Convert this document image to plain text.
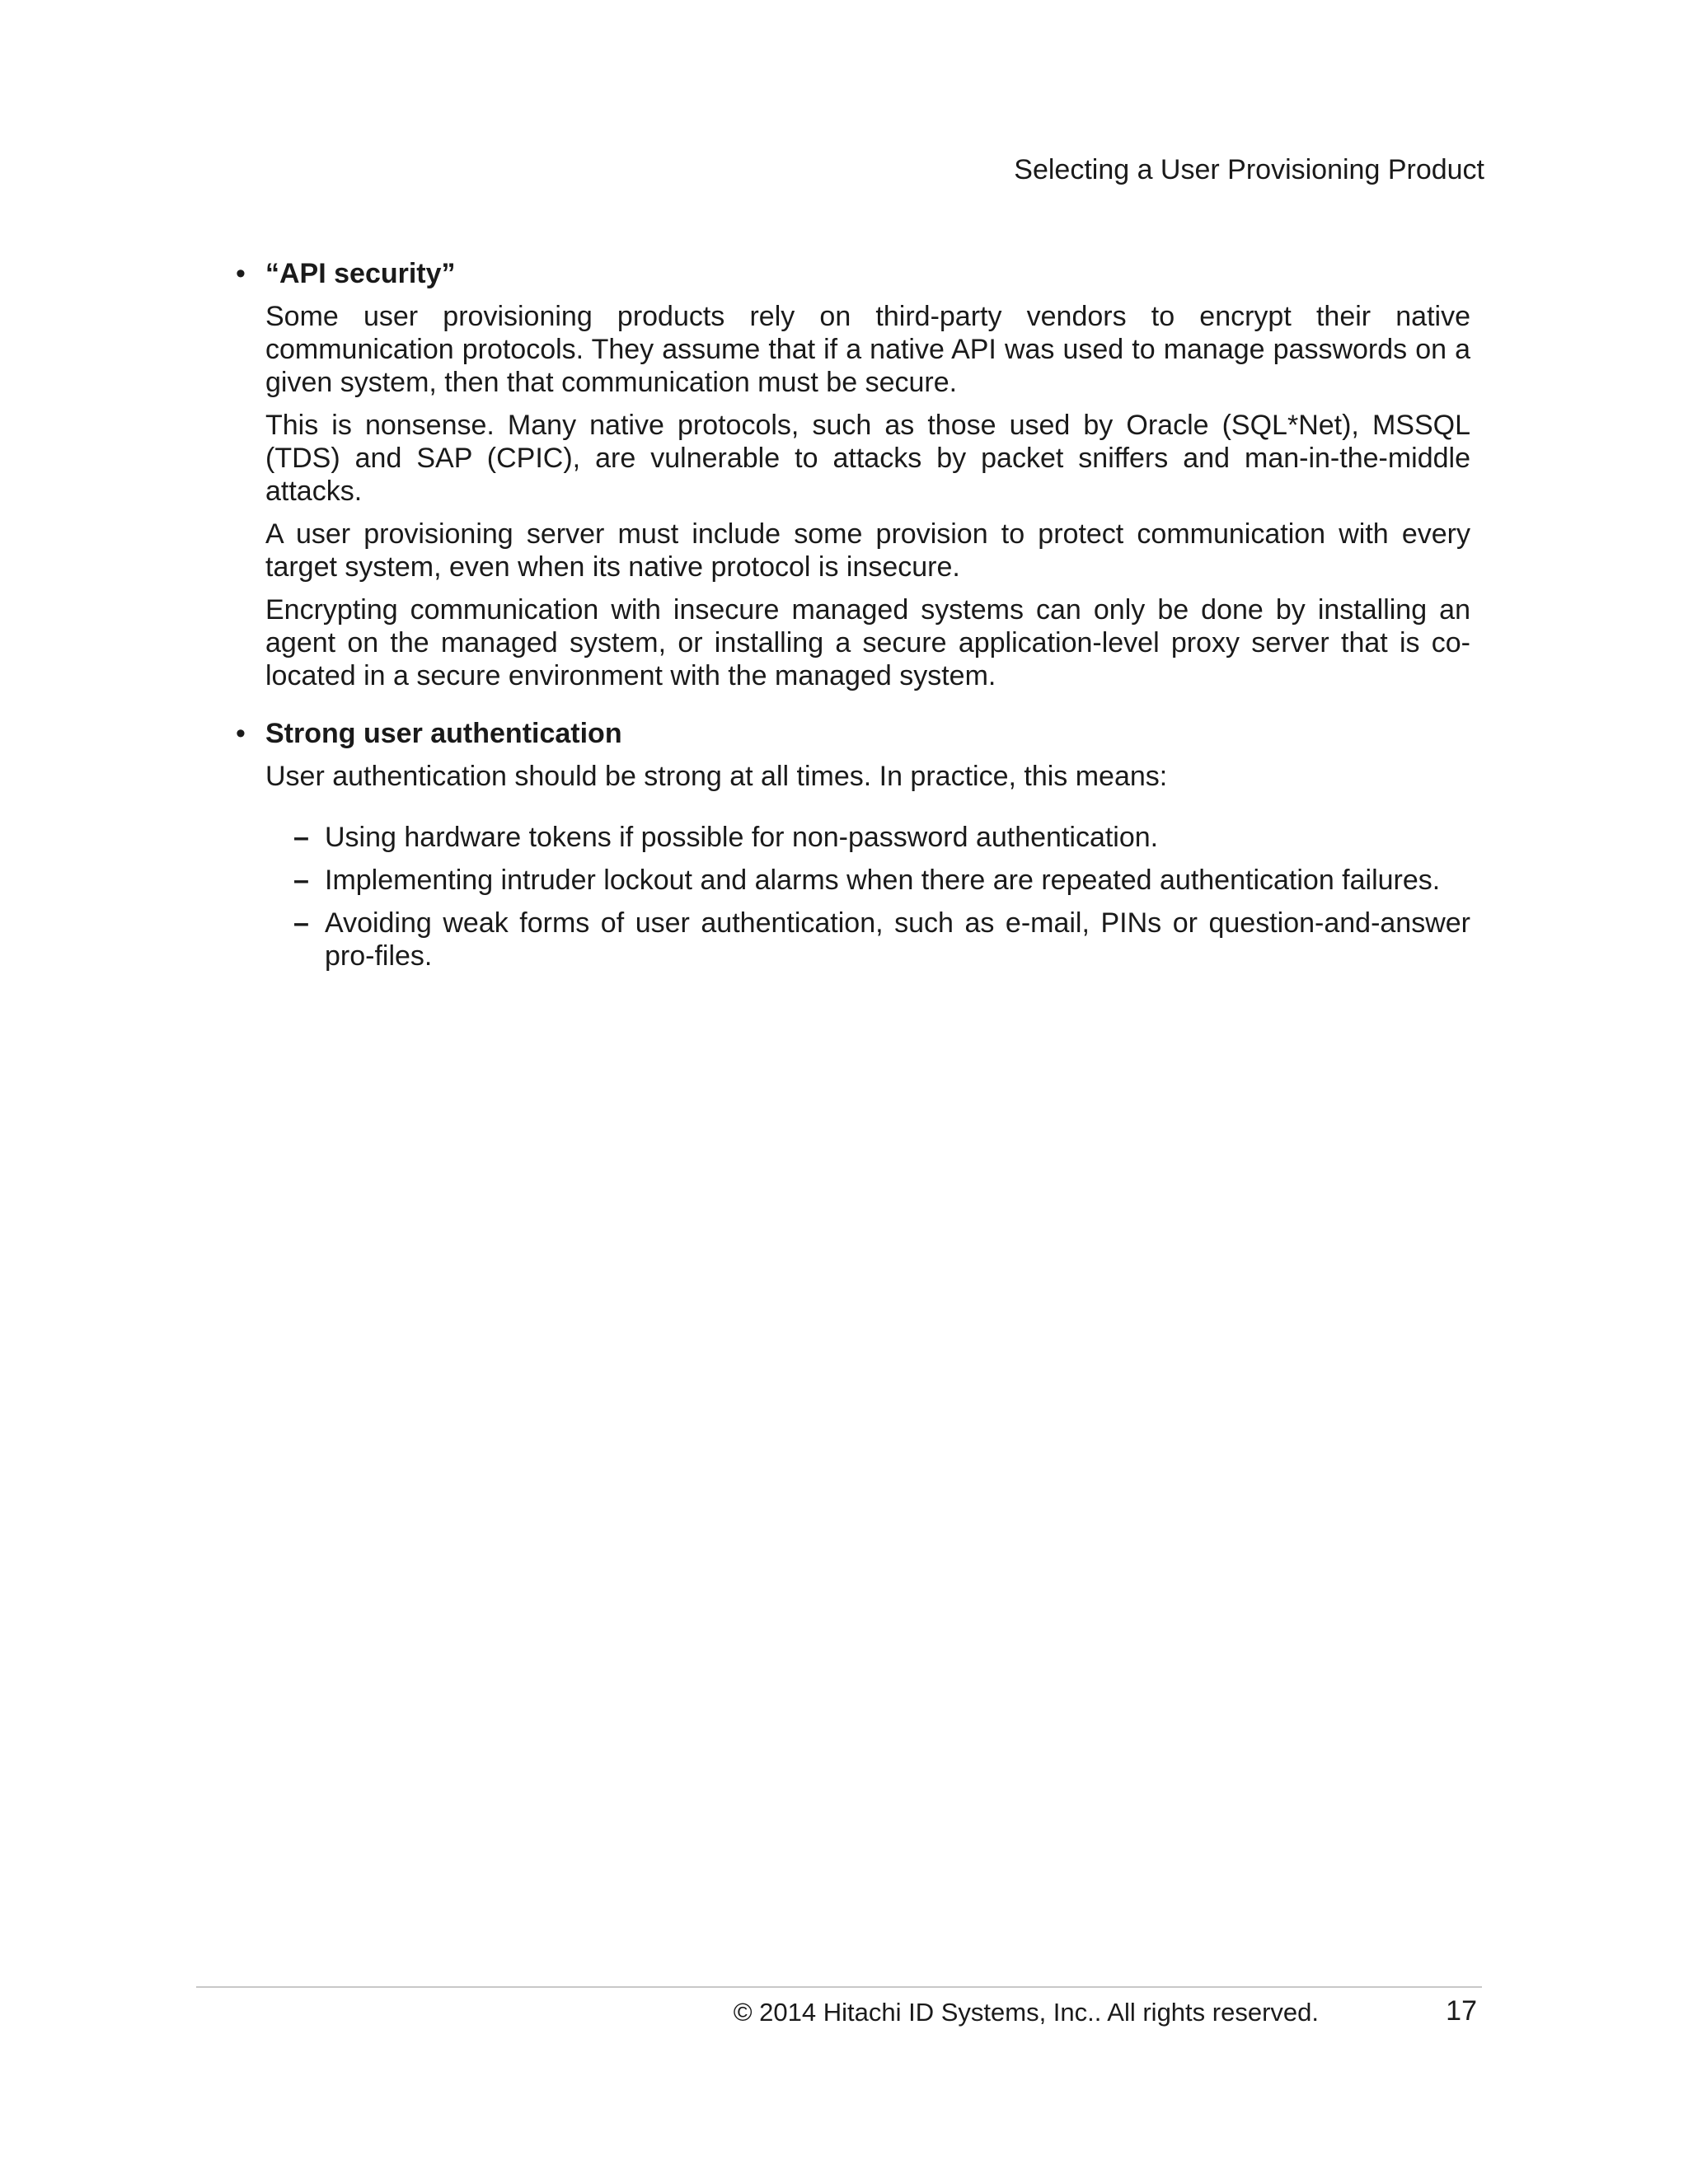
Selecting a User Provisioning Product
• “API security”

Some user provisioning products rely on third-party vendors to encrypt their native communication protocols. They assume that if a native API was used to manage passwords on a given system, then that communication must be secure.

This is nonsense. Many native protocols, such as those used by Oracle (SQL*Net), MSSQL (TDS) and SAP (CPIC), are vulnerable to attacks by packet sniffers and man-in-the-middle attacks.

A user provisioning server must include some provision to protect communication with every target system, even when its native protocol is insecure.

Encrypting communication with insecure managed systems can only be done by installing an agent on the managed system, or installing a secure application-level proxy server that is co-located in a secure environment with the managed system.

• Strong user authentication

User authentication should be strong at all times. In practice, this means:

– Using hardware tokens if possible for non-password authentication.
– Implementing intruder lockout and alarms when there are repeated authentication failures.
– Avoiding weak forms of user authentication, such as e-mail, PINs or question-and-answer pro-files.
© 2014 Hitachi ID Systems, Inc.. All rights reserved.	17
